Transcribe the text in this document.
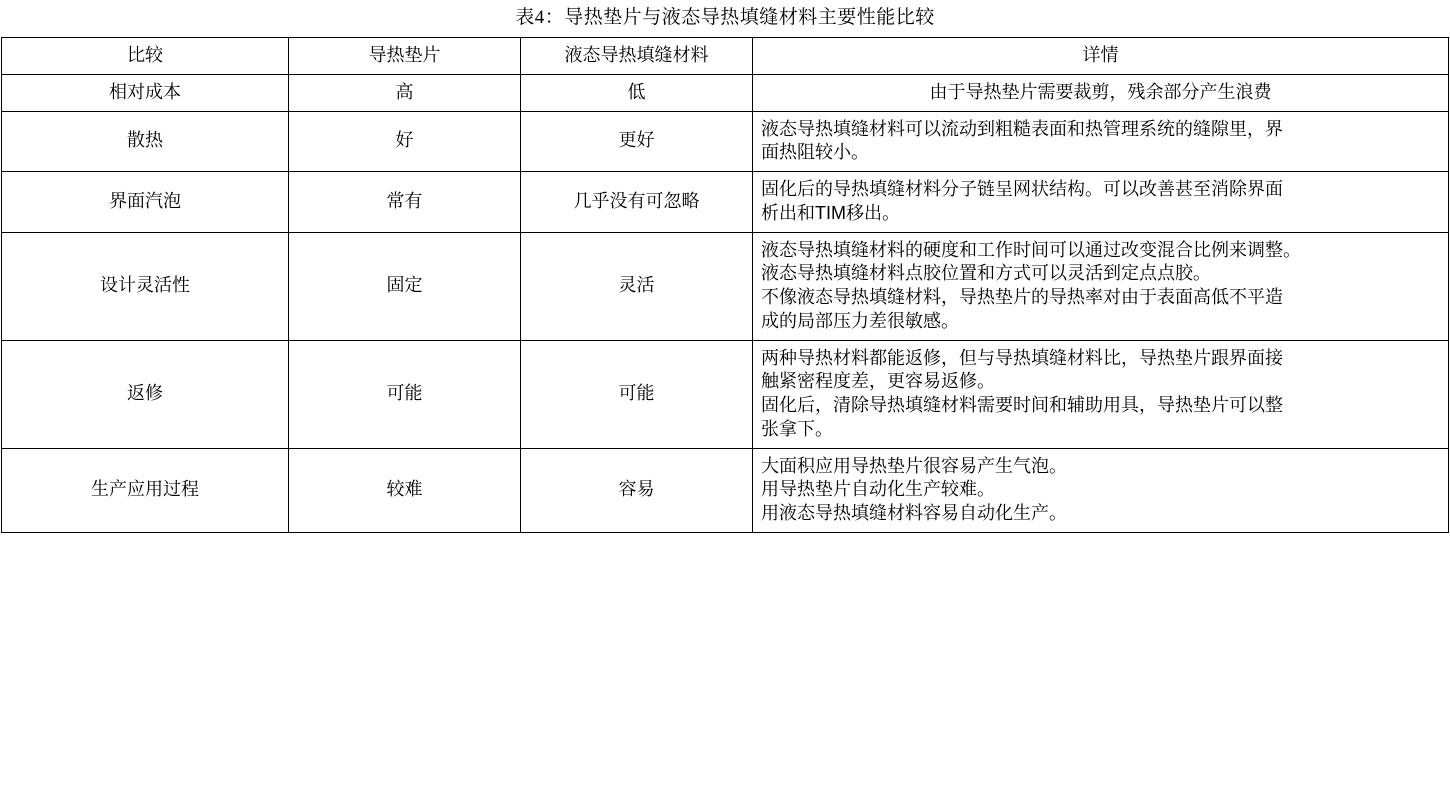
表4：导热垫片与液态导热填缝材料主要性能比较
比较	导热垫片	液态导热填缝材料	详情
相对成本	高	低	由于导热垫片需要裁剪，残余部分产生浪费

散热	好	更好	液态导热填缝材料可以流动到粗糙表面和热管理系统的缝隙里，界
面热阻较小。

界面汽泡	常有	几乎没有可忽略	固化后的导热填缝材料分子链呈网状结构。可以改善甚至消除界面
析出和TIM移出。

设计灵活性	固定	灵活	液态导热填缝材料的硬度和工作时间可以通过改变混合比例来调整。
液态导热填缝材料点胶位置和方式可以灵活到定点点胶。
不像液态导热填缝材料，导热垫片的导热率对由于表面高低不平造
成的局部压力差很敏感。

返修	可能	可能	两种导热材料都能返修，但与导热填缝材料比，导热垫片跟界面接
触紧密程度差，更容易返修。
固化后，清除导热填缝材料需要时间和辅助用具，导热垫片可以整
张拿下。

生产应用过程	较难	容易	大面积应用导热垫片很容易产生气泡。
用导热垫片自动化生产较难。
用液态导热填缝材料容易自动化生产。
